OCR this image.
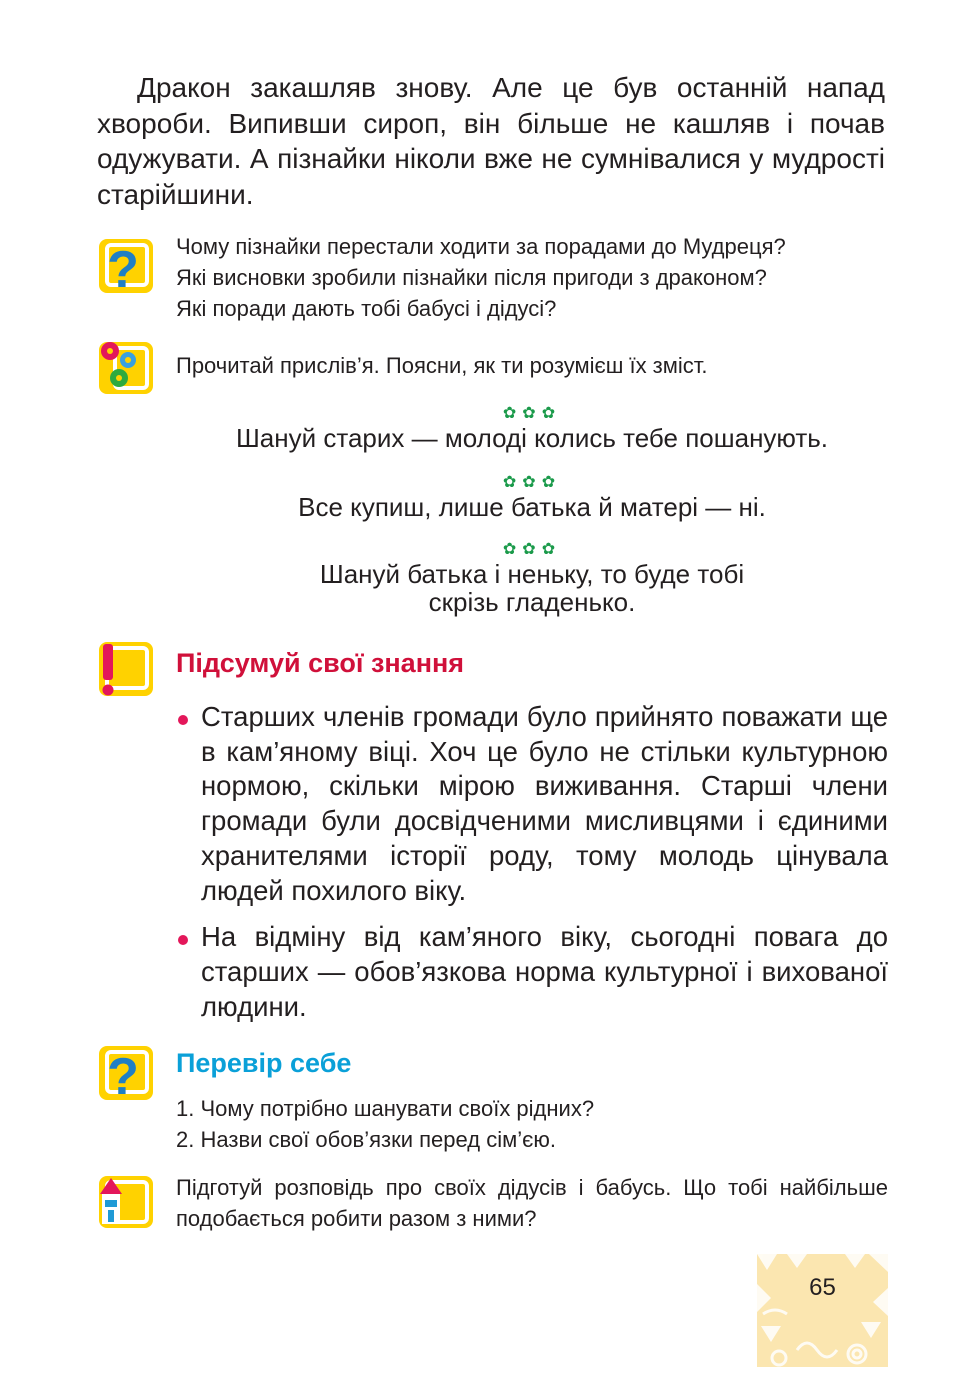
Дракон закашляв знову. Але це був останній напад хвороби. Випивши сироп, він більше не кашляв і почав одужувати. А пізнайки ніколи вже не сумнівалися у мудрості старійшини.

? Чому пізнайки перестали ходити за порадами до Мудреця?
Які висновки зробили пізнайки після пригоди з драконом?
Які поради дають тобі бабусі і дідусі?
Прочитай прислів’я. Поясни, як ти розумієш їх зміст.
✿✿✿
Шануй старих — молоді колись тебе пошанують.
✿✿✿
Все купиш, лише батька й матері — ні.
✿✿✿
Шануй батька і неньку, то буде тобі
скрізь гладенько.
Підсумуй свої знання
Старших членів громади було прийнято поважати ще в кам’яному віці. Хоч це було не стільки культурною нормою, скільки мірою виживання. Старші члени громади були досвідченими мисливцями і єдиними хранителями історії роду, тому молодь цінувала людей похилого віку.
На відміну від кам’яного віку, сьогодні повага до старших — обов’язкова норма культурної і вихованої людини.
? Перевір себе
1. Чому потрібно шанувати своїх рідних?
2. Назви свої обов’язки перед сім’єю.
Підготуй розповідь про своїх дідусів і бабусь. Що тобі найбільше подобається робити разом з ними?
65
